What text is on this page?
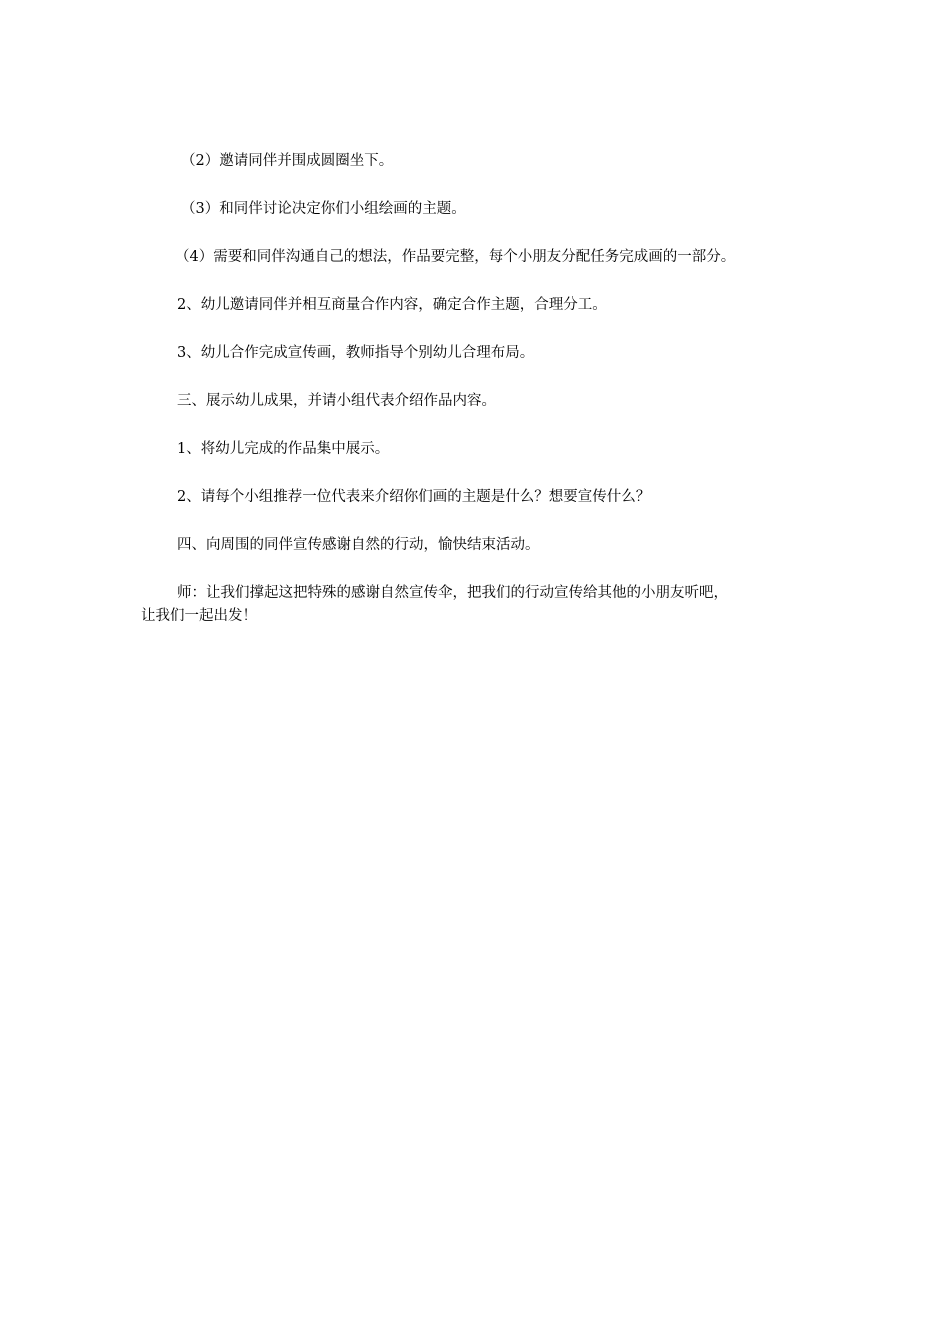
（2）邀请同伴并围成圆圈坐下。

（3）和同伴讨论决定你们小组绘画的主题。

（4）需要和同伴沟通自己的想法，作品要完整，每个小朋友分配任务完成画的一部分。

2、幼儿邀请同伴并相互商量合作内容，确定合作主题，合理分工。

3、幼儿合作完成宣传画，教师指导个别幼儿合理布局。

三、展示幼儿成果，并请小组代表介绍作品内容。

1、将幼儿完成的作品集中展示。

2、请每个小组推荐一位代表来介绍你们画的主题是什么？想要宣传什么？

四、向周围的同伴宣传感谢自然的行动，愉快结束活动。

师：让我们撑起这把特殊的感谢自然宣传伞，把我们的行动宣传给其他的小朋友听吧，
让我们一起出发！
